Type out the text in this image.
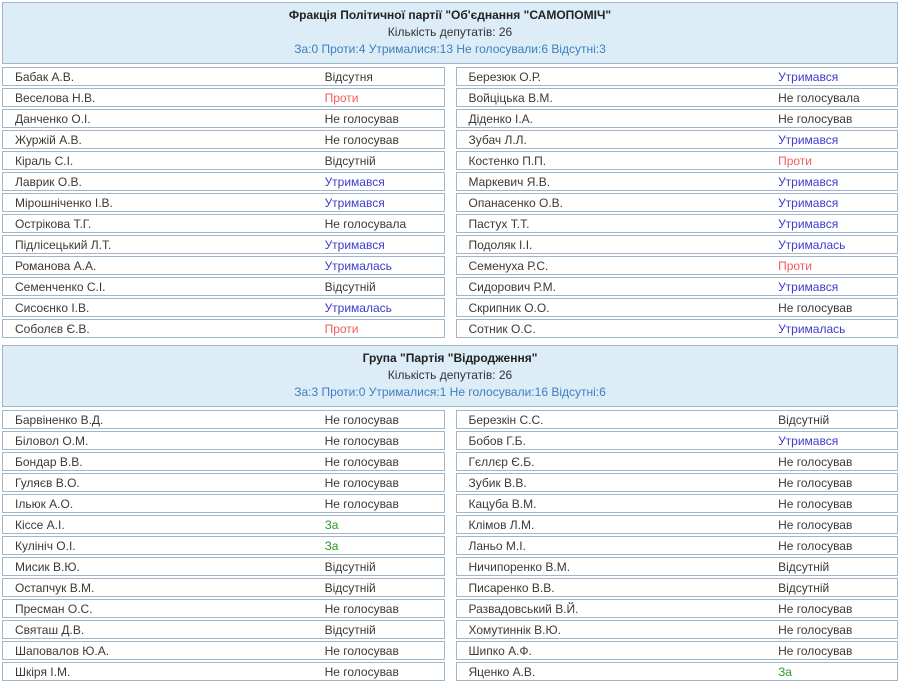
Фракція Політичної партії "Об'єднання "САМОПОМІЧ"
Кількість депутатів: 26
За:0 Проти:4 Утрималися:13 Не голосували:6 Відсутні:3
Бабак А.В.	Відсутня
Веселова Н.В.	Проти
Данченко О.І.	Не голосував
Журжій А.В.	Не голосував
Кіраль С.І.	Відсутній
Лаврик О.В.	Утримався
Мірошніченко І.В.	Утримався
Острікова Т.Г.	Не голосувала
Підлісецький Л.Т.	Утримався
Романова А.А.	Утрималась
Семенченко С.І.	Відсутній
Сисоєнко І.В.	Утрималась
Соболєв Є.В.	Проти
Березюк О.Р.	Утримався
Войціцька В.М.	Не голосувала
Діденко І.А.	Не голосував
Зубач Л.Л.	Утримався
Костенко П.П.	Проти
Маркевич Я.В.	Утримався
Опанасенко О.В.	Утримався
Пастух Т.Т.	Утримався
Подоляк І.І.	Утрималась
Семенуха Р.С.	Проти
Сидорович Р.М.	Утримався
Скрипник О.О.	Не голосував
Сотник О.С.	Утрималась
Група "Партія "Відродження"
Кількість депутатів: 26
За:3 Проти:0 Утрималися:1 Не голосували:16 Відсутні:6
Барвіненко В.Д.	Не голосував
Біловол О.М.	Не голосував
Бондар В.В.	Не голосував
Гуляєв В.О.	Не голосував
Ільюк А.О.	Не голосував
Кіссе А.І.	За
Кулініч О.І.	За
Мисик В.Ю.	Відсутній
Остапчук В.М.	Відсутній
Пресман О.С.	Не голосував
Святаш Д.В.	Відсутній
Шаповалов Ю.А.	Не голосував
Шкіря І.М.	Не голосував
Березкін С.С.	Відсутній
Бобов Г.Б.	Утримався
Гєллєр Є.Б.	Не голосував
Зубик В.В.	Не голосував
Кацуба В.М.	Не голосував
Клімов Л.М.	Не голосував
Ланьо М.І.	Не голосував
Ничипоренко В.М.	Відсутній
Писаренко В.В.	Відсутній
Развадовський В.Й.	Не голосував
Хомутиннік В.Ю.	Не голосував
Шипко А.Ф.	Не голосував
Яценко А.В.	За
